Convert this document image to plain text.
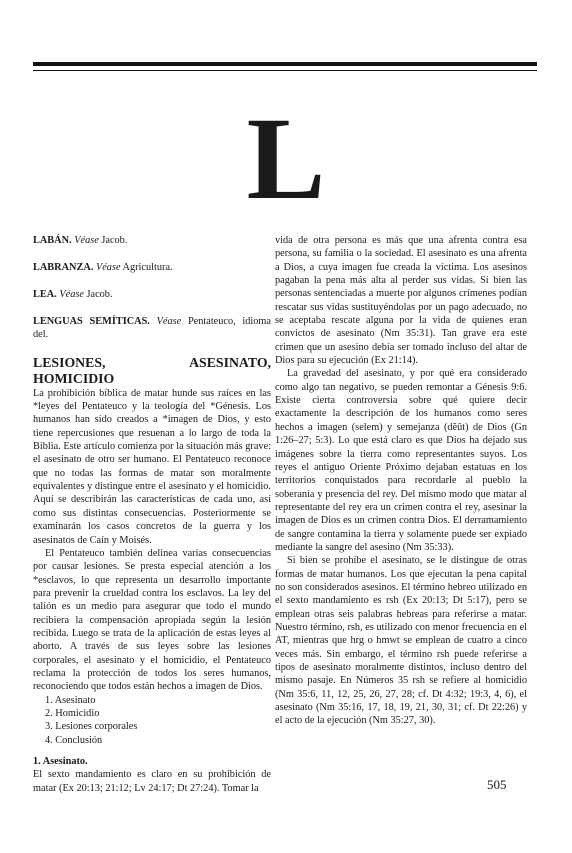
L
LABÁN. Véase Jacob.
LABRANZA. Véase Agricultura.
LEA. Véase Jacob.
LENGUAS SEMÍTICAS. Véase Pentateuco, idioma del.
LESIONES, ASESINATO, HOMICIDIO

La prohibición bíblica de matar hunde sus raíces en las *leyes del Pentateuco y la teología del *Génesis. Los humanos han sido creados a *imagen de Dios, y esto tiene repercusiones que resuenan a lo largo de toda la Biblia. Este artículo comienza por la situación más grave: el asesinato de otro ser humano. El Pentateuco reconoce que no todas las formas de matar son moralmente equivalentes y distingue entre el asesinato y el homicidio. Aquí se describirán las características de cada uno, así como sus distintas consecuencias. Posteriormente se examinarán los casos concretos de la guerra y los asesinatos de Caín y Moisés.

El Pentateuco también delinea varias consecuencias por causar lesiones. Se presta especial atención a los *esclavos, lo que representa un desarrollo importante para prevenir la crueldad contra los esclavos. La ley del talión es un medio para asegurar que todo el mundo recibiera la compensación apropiada según la lesión recibida. Luego se trata de la aplicación de estas leyes al aborto. A través de sus leyes sobre las lesiones corporales, el asesinato y el homicidio, el Pentateuco reclama la protección de todos los seres humanos, reconociendo que todos están hechos a imagen de Dios.

1. Asesinato
2. Homicidio
3. Lesiones corporales
4. Conclusión
1. Asesinato.

El sexto mandamiento es claro en su prohibición de matar (Ex 20:13; 21:12; Lv 24:17; Dt 27:24). Tomar la

vida de otra persona es más que una afrenta contra esa persona, su familia o la sociedad. El asesinato es una afrenta a Dios, a cuya imagen fue creada la víctima. Los asesinos pagaban la pena más alta al perder sus vidas. Si bien las personas sentenciadas a muerte por algunos crímenes podían rescatar sus vidas sustituyéndolas por un pago adecuado, no se aceptaba rescate alguna por la vida de quienes eran convictos de asesinato (Nm 35:31). Tan grave era este crimen que un asesino debía ser tomado incluso del altar de Dios para su ejecución (Ex 21:14).

La gravedad del asesinato, y por qué era considerado como algo tan negativo, se pueden remontar a Génesis 9:6. Existe cierta controversia sobre qué quiere decir exactamente la descripción de los humanos como seres hechos a imagen (selem) y semejanza (dĕût) de Dios (Gn 1:26–27; 5:3). Lo que está claro es que Dios ha dejado sus imágenes sobre la tierra como representantes suyos. Los reyes el antiguo Oriente Próximo dejaban estatuas en los territorios conquistados para recordarle al pueblo la soberanía y presencia del rey. Del mismo modo que matar al representante del rey era un crimen contra el rey, asesinar la imagen de Dios es un crimen contra Dios. El derramamiento de sangre contamina la tierra y solamente puede ser expiado mediante la sangre del asesino (Nm 35:33).

Si bien se prohíbe el asesinato, se le distingue de otras formas de matar humanos. Los que ejecutan la pena capital no son considerados asesinos. El término hebreo utilizado en el sexto mandamiento es rsh (Ex 20:13; Dt 5:17), pero se emplean otras seis palabras hebreas para referirse a matar. Nuestro término, rsh, es utilizado con menor frecuencia en el AT, mientras que hrg o hmwt se emplean de cuatro a cinco veces más. Sin embargo, el término rsh puede referirse a tipos de asesinato moralmente distintos, incluso dentro del mismo pasaje. En Números 35 rsh se refiere al homicidio (Nm 35:6, 11, 12, 25, 26, 27, 28; cf. Dt 4:32; 19:3, 4, 6), el asesinato (Nm 35:16, 17, 18, 19, 21, 30, 31; cf. Dt 22:26) y el acto de la ejecución (Nm 35:27, 30).

505
